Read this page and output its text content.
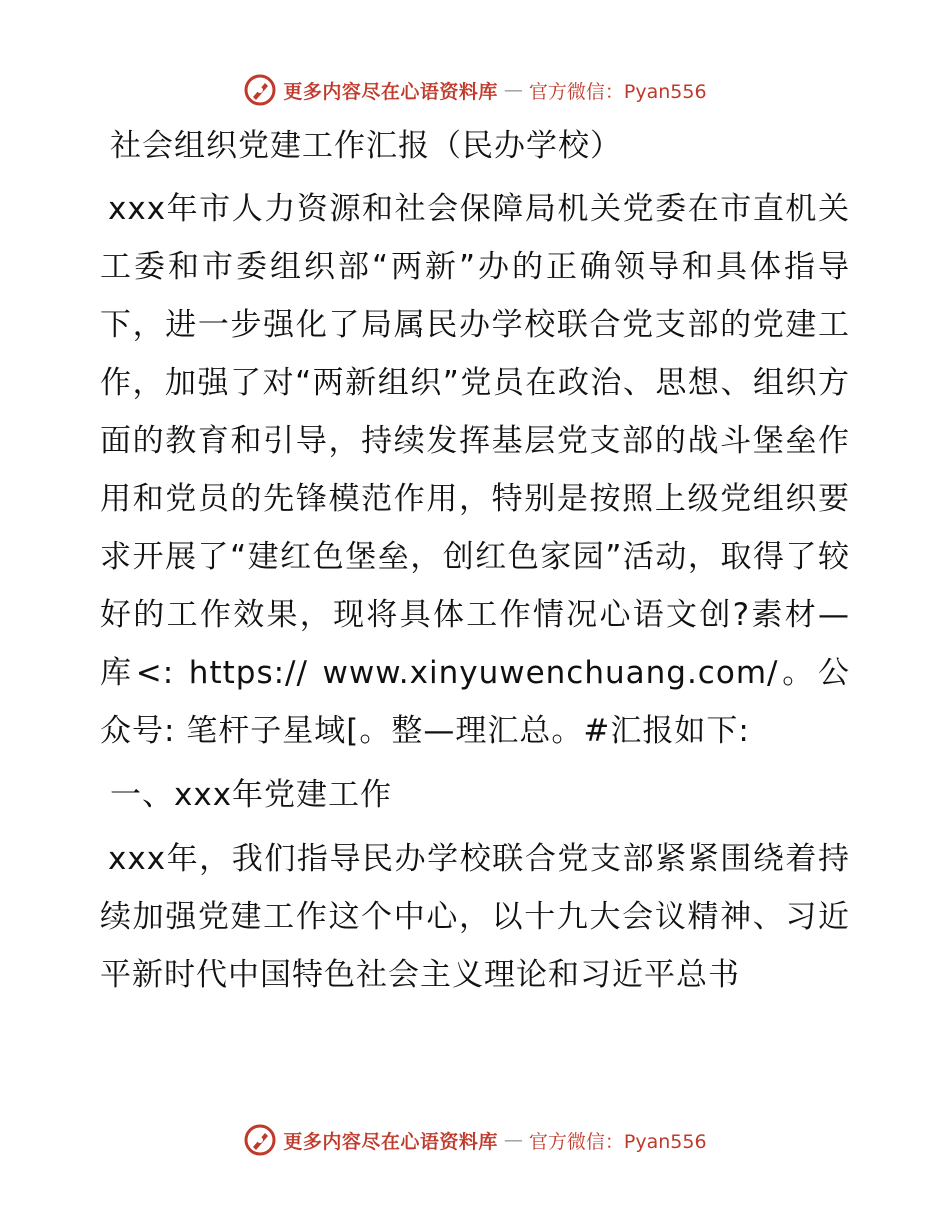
更多内容尽在心语资料库 — 官方微信：Pyan556
社会组织党建工作汇报（民办学校）
xxx年市人力资源和社会保障局机关党委在市直机关工委和市委组织部“两新”办的正确领导和具体指导下，进一步强化了局属民办学校联合党支部的党建工作，加强了对“两新组织”党员在政治、思想、组织方面的教育和引导，持续发挥基层党支部的战斗堡垒作用和党员的先锋模范作用，特别是按照上级党组织要求开展了“建红色堡垒，创红色家园”活动，取得了较好的工作效果，现将具体工作情况心语文创?素材—库<: https:// www.xinyuwenchuang.com/。公众号: 笔杆子星域[。整—理汇总。#汇报如下:
一、xxx年党建工作
xxx年，我们指导民办学校联合党支部紧紧围绕着持续加强党建工作这个中心，以十九大会议精神、习近平新时代中国特色社会主义理论和习近平总书
更多内容尽在心语资料库 — 官方微信：Pyan556
